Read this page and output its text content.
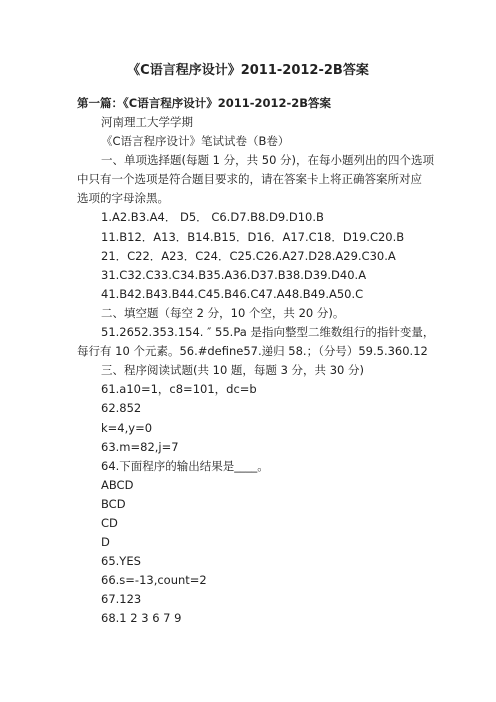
《C语言程序设计》2011-2012-2B答案
第一篇：《C语言程序设计》2011-2012-2B答案
河南理工大学学期
《C语言程序设计》笔试试卷（B卷）
一、单项选择题(每题 1 分，共 50 分)，在每小题列出的四个选项
中只有一个选项是符合题目要求的，请在答案卡上将正确答案所对应
选项的字母涂黑。
1.A2.B3.A4． D5． C6.D7.B8.D9.D10.B
11.B12．A13．B14.B15．D16．A17.C18．D19.C20.B
21．C22．A23．C24．C25.C26.A27.D28.A29.C30.A
31.C32.C33.C34.B35.A36.D37.B38.D39.D40.A
41.B42.B43.B44.C45.B46.C47.A48.B49.A50.C
二、填空题（每空 2 分，10 个空，共 20 分)。
51.2652.353.154. ″ 55.Pa 是指向整型二维数组行的指针变量，
每行有 10 个元素。56.#define57.递归 58.；（分号）59.5.360.12
三、程序阅读试题(共 10 题，每题 3 分，共 30 分)
61.a10=1，c8=101，dc=b
62.852
k=4,y=0
63.m=82,j=7
64.下面程序的输出结果是____。
ABCD
BCD
CD
D
65.YES
66.s=-13,count=2
67.123
68.1 2 3 6 7 9
